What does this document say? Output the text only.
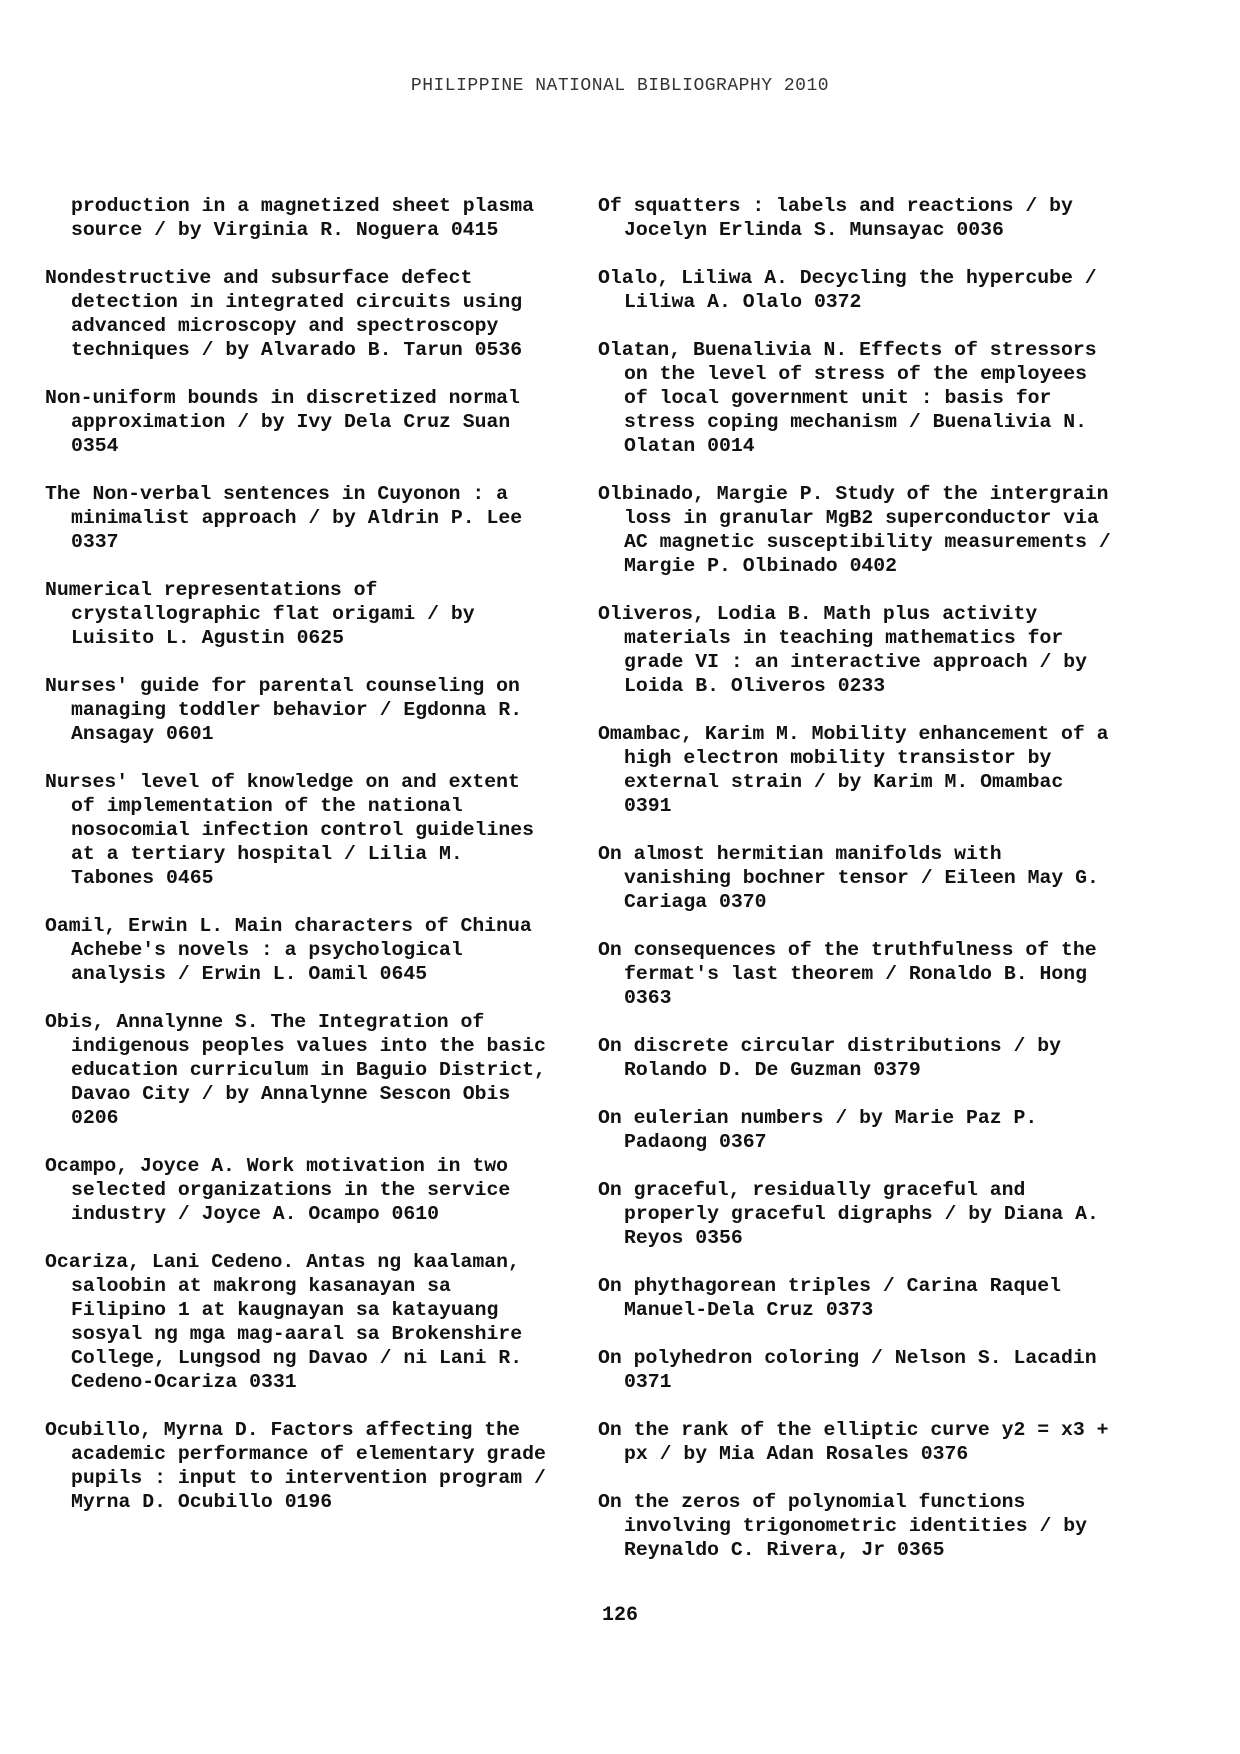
PHILIPPINE NATIONAL BIBLIOGRAPHY 2010

production in a magnetized sheet plasma source / by Virginia R. Noguera 0415

Nondestructive and subsurface defect detection in integrated circuits using advanced microscopy and spectroscopy techniques / by Alvarado B. Tarun 0536

Non-uniform bounds in discretized normal approximation / by Ivy Dela Cruz Suan 0354

The Non-verbal sentences in Cuyonon : a minimalist approach / by Aldrin P. Lee 0337

Numerical representations of crystallographic flat origami / by Luisito L. Agustin 0625

Nurses' guide for parental counseling on managing toddler behavior / Egdonna R. Ansagay 0601

Nurses' level of knowledge on and extent of implementation of the national nosocomial infection control guidelines at a tertiary hospital / Lilia M. Tabones 0465

Oamil, Erwin L. Main characters of Chinua Achebe's novels : a psychological analysis / Erwin L. Oamil 0645

Obis, Annalynne S. The Integration of indigenous peoples values into the basic education curriculum in Baguio District, Davao City / by Annalynne Sescon Obis 0206

Ocampo, Joyce A. Work motivation in two selected organizations in the service industry / Joyce A. Ocampo 0610

Ocariza, Lani Cedeno. Antas ng kaalaman, saloobin at makrong kasanayan sa Filipino 1 at kaugnayan sa katayuang sosyal ng mga mag-aaral sa Brokenshire College, Lungsod ng Davao / ni Lani R. Cedeno-Ocariza 0331

Ocubillo, Myrna D. Factors affecting the academic performance of elementary grade pupils : input to intervention program / Myrna D. Ocubillo 0196

Of squatters : labels and reactions / by Jocelyn Erlinda S. Munsayac 0036

Olalo, Liliwa A. Decycling the hypercube / Liliwa A. Olalo 0372

Olatan, Buenalivia N. Effects of stressors on the level of stress of the employees of local government unit : basis for stress coping mechanism / Buenalivia N. Olatan 0014

Olbinado, Margie P. Study of the intergrain loss in granular MgB2 superconductor via AC magnetic susceptibility measurements / Margie P. Olbinado 0402

Oliveros, Lodia B. Math plus activity materials in teaching mathematics for grade VI : an interactive approach / by Loida B. Oliveros 0233

Omambac, Karim M. Mobility enhancement of a high electron mobility transistor by external strain / by Karim M. Omambac 0391

On almost hermitian manifolds with vanishing bochner tensor / Eileen May G. Cariaga 0370

On consequences of the truthfulness of the fermat's last theorem / Ronaldo B. Hong 0363

On discrete circular distributions / by Rolando D. De Guzman 0379

On eulerian numbers / by Marie Paz P. Padaong 0367

On graceful, residually graceful and properly graceful digraphs / by Diana A. Reyos 0356

On phythagorean triples / Carina Raquel Manuel-Dela Cruz 0373

On polyhedron coloring / Nelson S. Lacadin 0371

On the rank of the elliptic curve y2 = x3 + px / by Mia Adan Rosales 0376

On the zeros of polynomial functions involving trigonometric identities / by Reynaldo C. Rivera, Jr 0365

126
